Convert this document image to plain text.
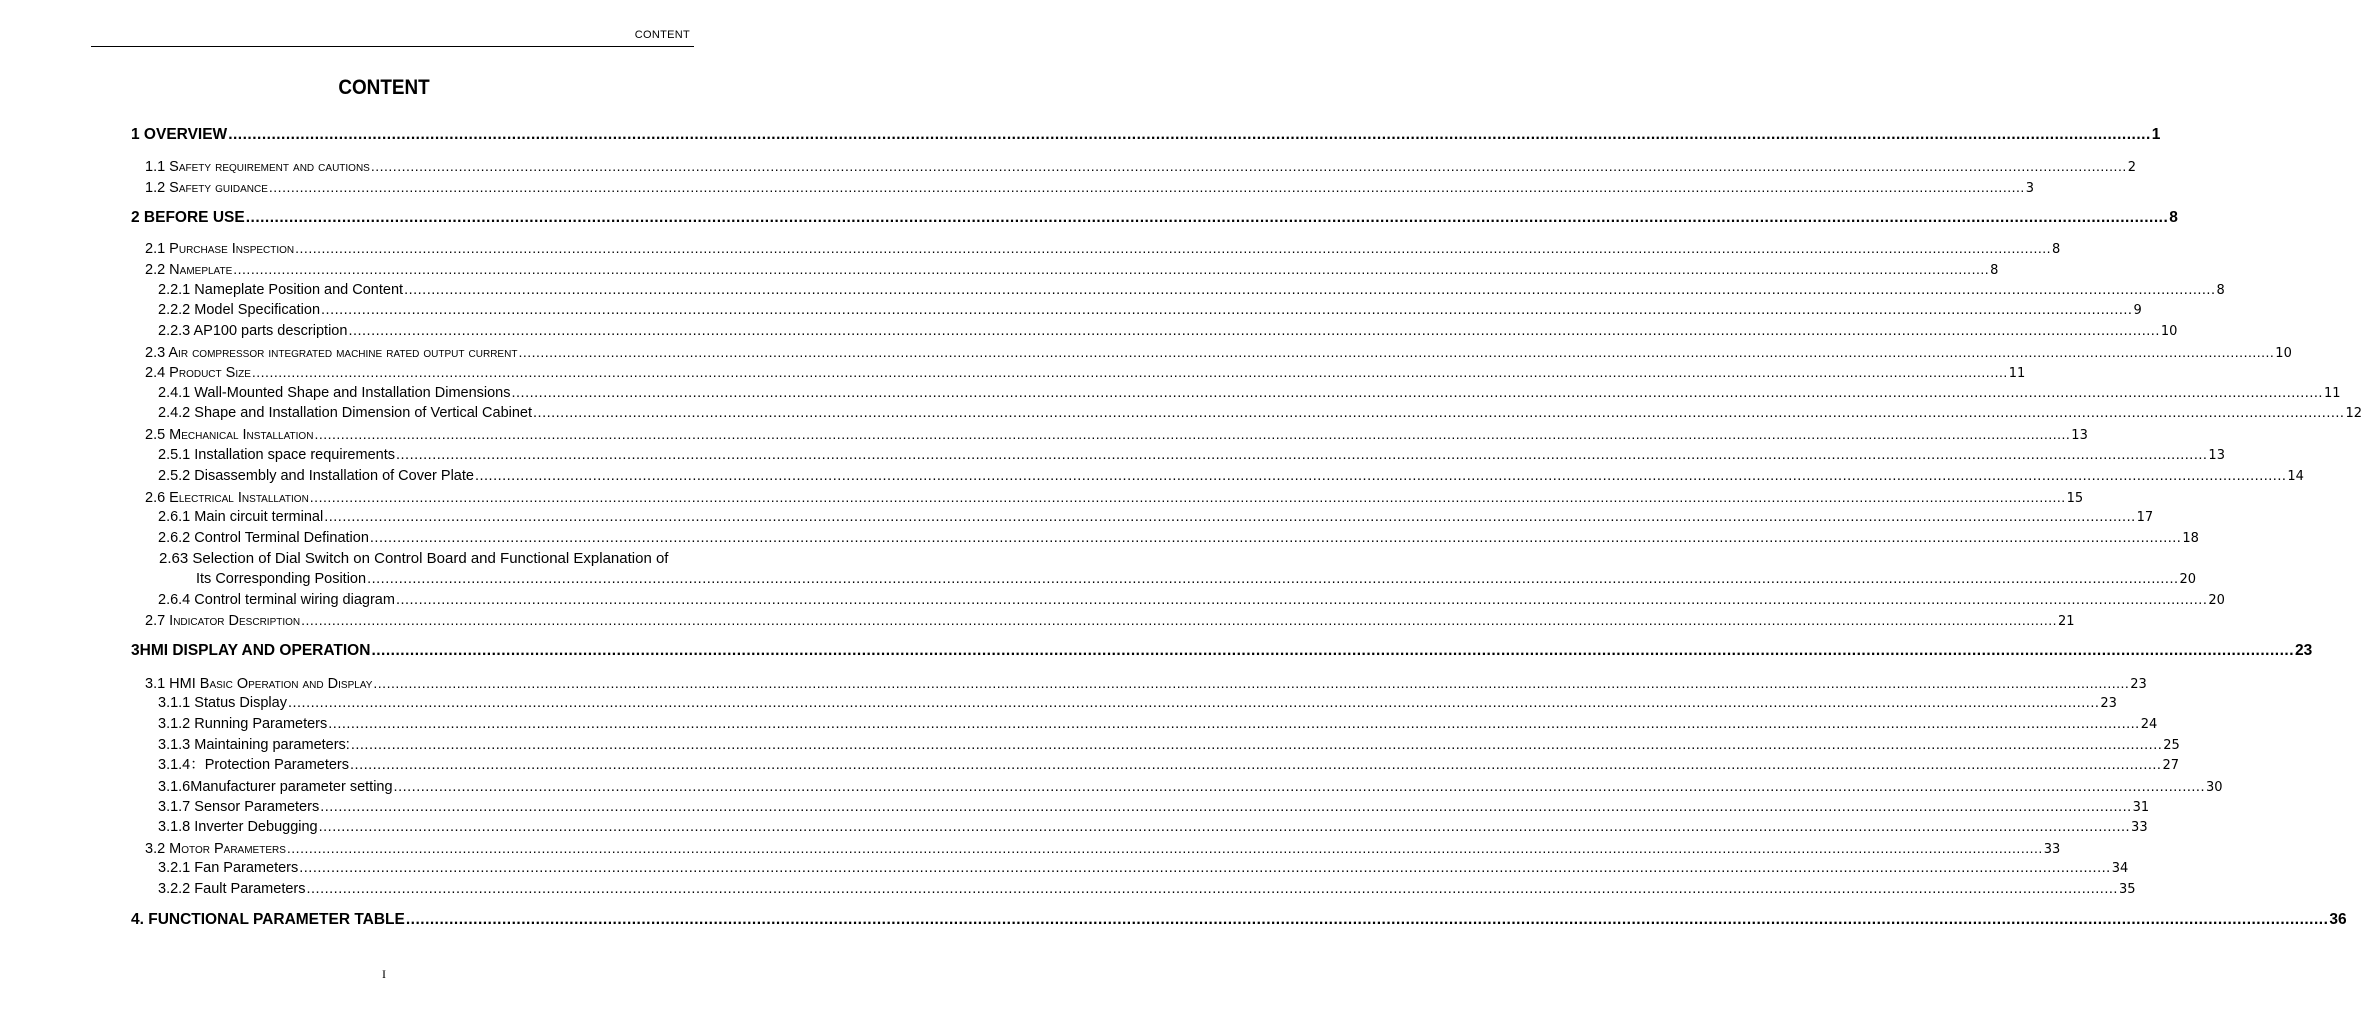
CONTENT
CONTENT
1 OVERVIEW ................................................................................................................................................................................................................................................................................................................................................................................................................ 1
1.1 Safety requirement and cautions ................................................................................................................................................................................................................................................................................................................................................................................................................ 2
1.2 Safety guidance ................................................................................................................................................................................................................................................................................................................................................................................................................ 3
2 BEFORE USE ................................................................................................................................................................................................................................................................................................................................................................................................................ 8
2.1 Purchase Inspection ................................................................................................................................................................................................................................................................................................................................................................................................................ 8
2.2 Nameplate ................................................................................................................................................................................................................................................................................................................................................................................................................ 8
2.2.1 Nameplate Position and Content ................................................................................................................................................................................................................................................................................................................................................................................................................ 8
2.2.2 Model Specification ................................................................................................................................................................................................................................................................................................................................................................................................................ 9
2.2.3 AP100 parts description ................................................................................................................................................................................................................................................................................................................................................................................................................ 10
2.3 Air compressor integrated machine rated output current ................................................................................................................................................................................................................................................................................................................................................................................................................ 10
2.4 Product Size ................................................................................................................................................................................................................................................................................................................................................................................................................ 11
2.4.1 Wall-Mounted Shape and Installation Dimensions ................................................................................................................................................................................................................................................................................................................................................................................................................ 11
2.4.2 Shape and Installation Dimension of Vertical Cabinet ................................................................................................................................................................................................................................................................................................................................................................................................................ 12
2.5 Mechanical Installation ................................................................................................................................................................................................................................................................................................................................................................................................................ 13
2.5.1 Installation space requirements ................................................................................................................................................................................................................................................................................................................................................................................................................ 13
2.5.2 Disassembly and Installation of Cover Plate ................................................................................................................................................................................................................................................................................................................................................................................................................ 14
2.6 Electrical Installation ................................................................................................................................................................................................................................................................................................................................................................................................................ 15
2.6.1 Main circuit terminal ................................................................................................................................................................................................................................................................................................................................................................................................................ 17
2.6.2 Control Terminal Defination ................................................................................................................................................................................................................................................................................................................................................................................................................ 18
2.63 Selection of Dial Switch on Control Board and Functional Explanation of
Its Corresponding Position ................................................................................................................................................................................................................................................................................................................................................................................................................ 20
2.6.4 Control terminal wiring diagram ................................................................................................................................................................................................................................................................................................................................................................................................................ 20
2.7 Indicator Description ................................................................................................................................................................................................................................................................................................................................................................................................................ 21
3HMI DISPLAY AND OPERATION ................................................................................................................................................................................................................................................................................................................................................................................................................ 23
3.1 HMI Basic Operation and Display ................................................................................................................................................................................................................................................................................................................................................................................................................ 23
3.1.1 Status Display ................................................................................................................................................................................................................................................................................................................................................................................................................ 23
3.1.2 Running Parameters ................................................................................................................................................................................................................................................................................................................................................................................................................ 24
3.1.3 Maintaining parameters: ................................................................................................................................................................................................................................................................................................................................................................................................................ 25
3.1.4：Protection Parameters ................................................................................................................................................................................................................................................................................................................................................................................................................ 27
3.1.6Manufacturer parameter setting ................................................................................................................................................................................................................................................................................................................................................................................................................ 30
3.1.7 Sensor Parameters ................................................................................................................................................................................................................................................................................................................................................................................................................ 31
3.1.8 Inverter Debugging ................................................................................................................................................................................................................................................................................................................................................................................................................ 33
3.2 Motor Parameters ................................................................................................................................................................................................................................................................................................................................................................................................................ 33
3.2.1 Fan Parameters ................................................................................................................................................................................................................................................................................................................................................................................................................ 34
3.2.2 Fault Parameters ................................................................................................................................................................................................................................................................................................................................................................................................................ 35
4. FUNCTIONAL PARAMETER TABLE ................................................................................................................................................................................................................................................................................................................................................................................................................ 36
I
